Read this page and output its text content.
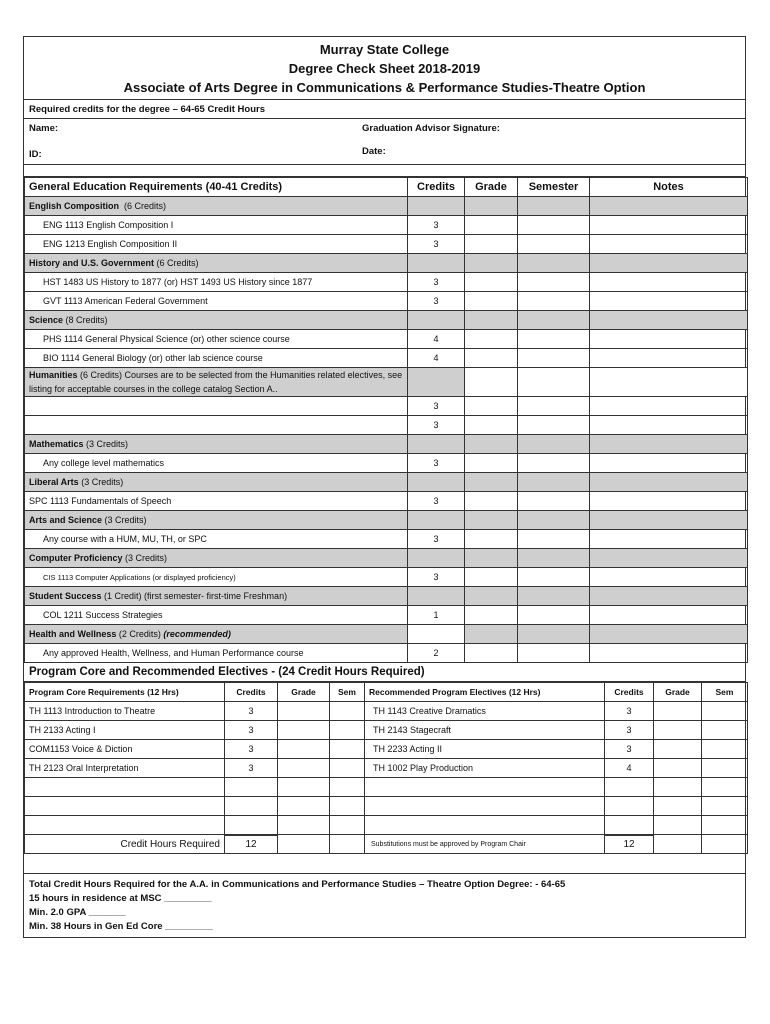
Murray State College
Degree Check Sheet 2018-2019
Associate of Arts Degree in Communications & Performance Studies-Theatre Option
Required credits for the degree – 64-65 Credit Hours
Name:	Graduation Advisor Signature:
Date:
ID:
General Education Requirements (40-41 Credits)	Credits	Grade	Semester	Notes
English Composition (6 Credits)				
ENG 1113 English Composition I	3			
ENG 1213 English Composition II	3			
History and U.S. Government (6 Credits)				
HST 1483 US History to 1877 (or) HST 1493 US History since 1877	3			
GVT 1113 American Federal Government	3			
Science (8 Credits)				
PHS 1114 General Physical Science (or) other science course	4			
BIO 1114 General Biology (or) other lab science course	4			
Humanities (6 Credits) Courses are to be selected from the Humanities related electives, see listing for acceptable courses in the college catalog Section A..				
	3			
	3			
Mathematics (3 Credits)				
Any college level mathematics	3			
Liberal Arts (3 Credits)				
SPC 1113 Fundamentals of Speech	3			
Arts and Science (3 Credits)				
Any course with a HUM, MU, TH, or SPC	3			
Computer Proficiency (3 Credits)				
CIS 1113 Computer Applications (or displayed proficiency)	3			
Student Success (1 Credit) (first semester- first-time Freshman)				
COL 1211 Success Strategies	1			
Health and Wellness (2 Credits) (recommended)				
Any approved Health, Wellness, and Human Performance course	2			
Program Core and Recommended Electives - (24 Credit Hours Required)
Program Core Requirements (12 Hrs)	Credits	Grade	Sem	Recommended Program Electives (12 Hrs)	Credits	Grade	Sem
TH 1113 Introduction to Theatre	3			TH 1143 Creative Dramatics	3		
TH 2133 Acting I	3			TH 2143 Stagecraft	3		
COM1153 Voice & Diction	3			TH 2233 Acting II	3		
TH 2123 Oral Interpretation	3			TH 1002 Play Production	4		

Credit Hours Required	12			Substitutions must be approved by Program Chair	12		
Total Credit Hours Required for the A.A. in Communications and Performance Studies – Theatre Option Degree: - 64-65
15 hours in residence at MSC _________
Min. 2.0 GPA _______
Min. 38 Hours in Gen Ed Core _________
